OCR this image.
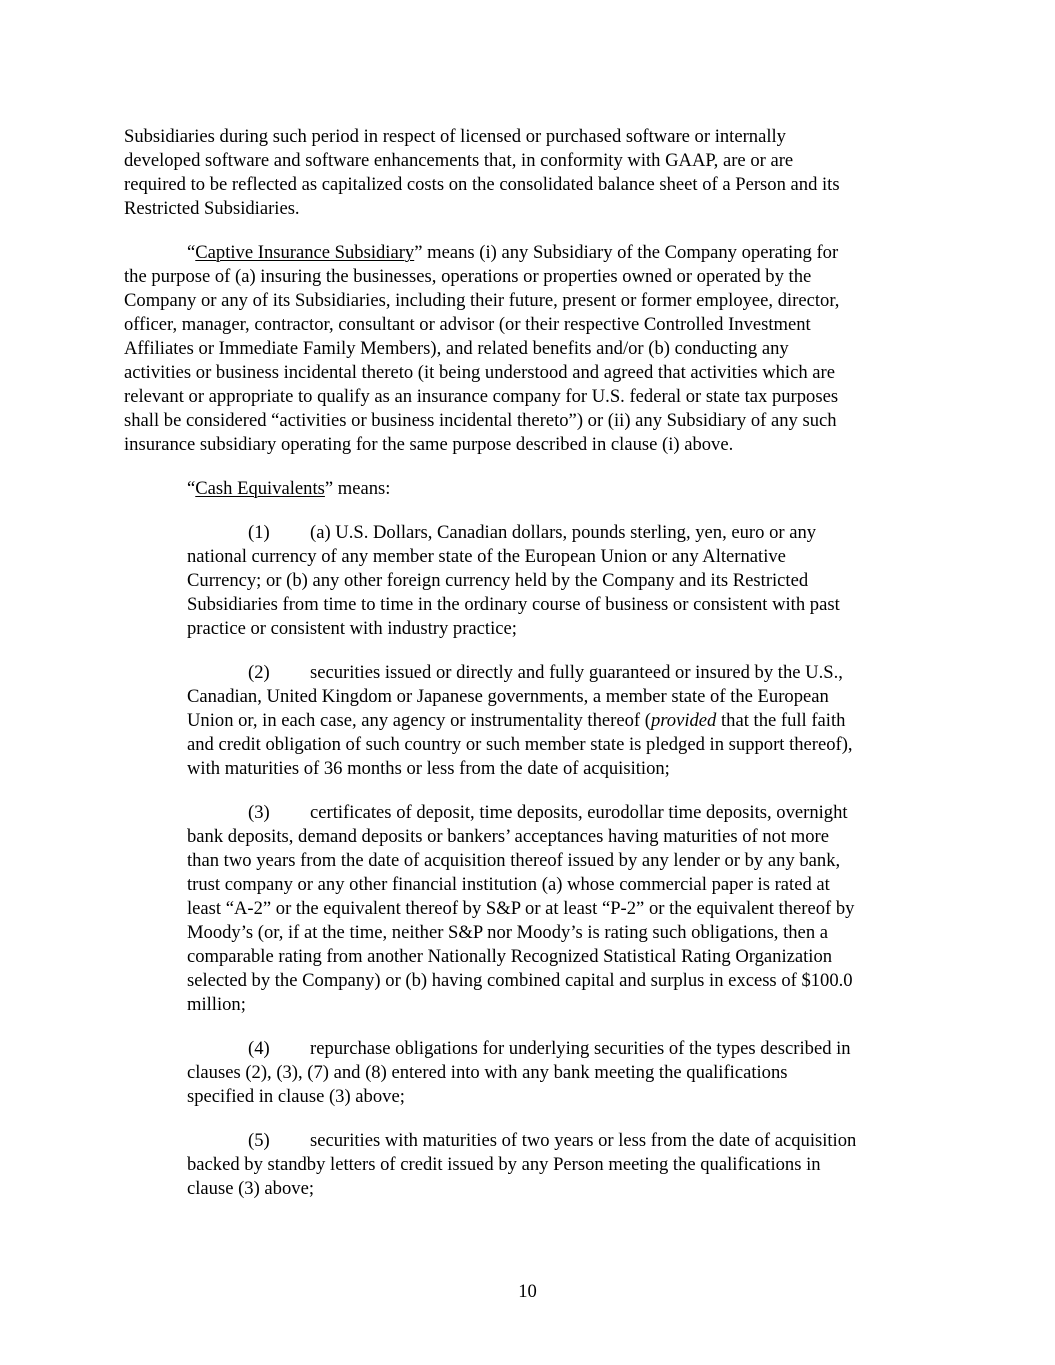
Subsidiaries during such period in respect of licensed or purchased software or internally
developed software and software enhancements that, in conformity with GAAP, are or are
required to be reflected as capitalized costs on the consolidated balance sheet of a Person and its
Restricted Subsidiaries.
“Captive Insurance Subsidiary” means (i) any Subsidiary of the Company operating for
the purpose of (a) insuring the businesses, operations or properties owned or operated by the
Company or any of its Subsidiaries, including their future, present or former employee, director,
officer, manager, contractor, consultant or advisor (or their respective Controlled Investment
Affiliates or Immediate Family Members), and related benefits and/or (b) conducting any
activities or business incidental thereto (it being understood and agreed that activities which are
relevant or appropriate to qualify as an insurance company for U.S. federal or state tax purposes
shall be considered “activities or business incidental thereto”) or (ii) any Subsidiary of any such
insurance subsidiary operating for the same purpose described in clause (i) above.
“Cash Equivalents” means:
(1) (a) U.S. Dollars, Canadian dollars, pounds sterling, yen, euro or any
national currency of any member state of the European Union or any Alternative
Currency; or (b) any other foreign currency held by the Company and its Restricted
Subsidiaries from time to time in the ordinary course of business or consistent with past
practice or consistent with industry practice;
(2) securities issued or directly and fully guaranteed or insured by the U.S.,
Canadian, United Kingdom or Japanese governments, a member state of the European
Union or, in each case, any agency or instrumentality thereof (provided that the full faith
and credit obligation of such country or such member state is pledged in support thereof),
with maturities of 36 months or less from the date of acquisition;
(3) certificates of deposit, time deposits, eurodollar time deposits, overnight
bank deposits, demand deposits or bankers’ acceptances having maturities of not more
than two years from the date of acquisition thereof issued by any lender or by any bank,
trust company or any other financial institution (a) whose commercial paper is rated at
least “A-2” or the equivalent thereof by S&P or at least “P-2” or the equivalent thereof by
Moody’s (or, if at the time, neither S&P nor Moody’s is rating such obligations, then a
comparable rating from another Nationally Recognized Statistical Rating Organization
selected by the Company) or (b) having combined capital and surplus in excess of $100.0
million;
(4) repurchase obligations for underlying securities of the types described in
clauses (2), (3), (7) and (8) entered into with any bank meeting the qualifications
specified in clause (3) above;
(5) securities with maturities of two years or less from the date of acquisition
backed by standby letters of credit issued by any Person meeting the qualifications in
clause (3) above;
10
